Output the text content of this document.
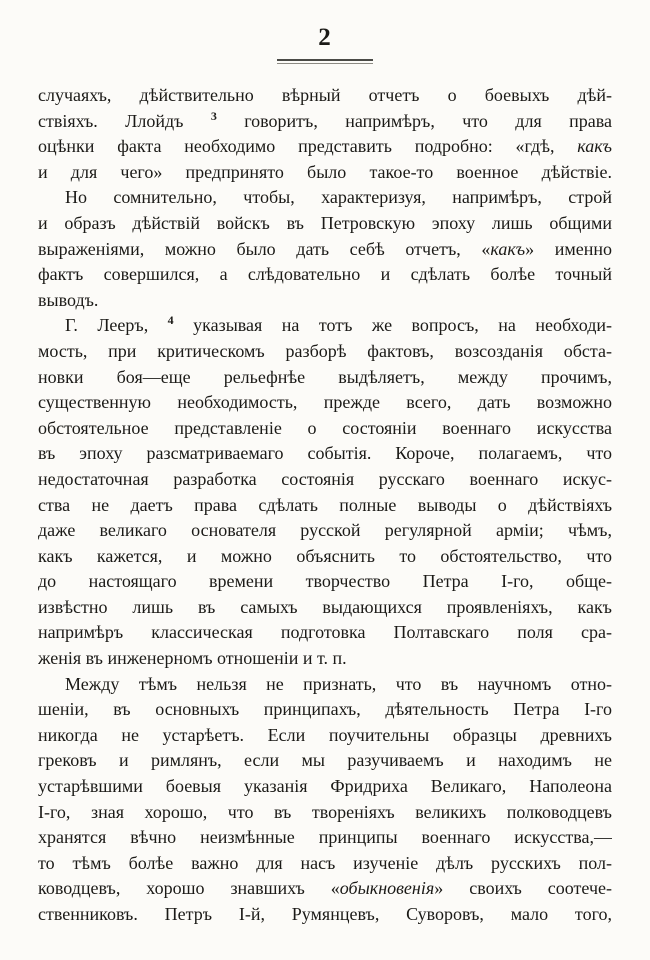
2
случаяхъ, дѣйствительно вѣрный отчетъ о боевыхъ дѣй-
ствіяхъ. Ллойдъ $^3$ говоритъ, напримѣръ, что для права
оцѣнки факта необходимо представить подробно: «гдѣ, какъ
и для чего» предпринято было такое-то военное дѣйствіе.
Но сомнительно, чтобы, характеризуя, напримѣръ, строй
и образъ дѣйствій войскъ въ Петровскую эпоху лишь общими
выраженіями, можно было дать себѣ отчетъ, «какъ» именно
фактъ совершился, а слѣдовательно и сдѣлать болѣе точный
выводъ.
Г. Лееръ, $^4$ указывая на тотъ же вопросъ, на необходи-
мость, при критическомъ разборѣ фактовъ, возсозданія обста-
новки боя—еще рельефнѣе выдѣляетъ, между прочимъ,
существенную необходимость, прежде всего, дать возможно
обстоятельное представленіе о состояніи военнаго искусства
въ эпоху разсматриваемаго событія. Короче, полагаемъ, что
недостаточная разработка состоянія русскаго военнаго искус-
ства не даетъ права сдѣлать полные выводы о дѣйствіяхъ
даже великаго основателя русской регулярной арміи; чѣмъ,
какъ кажется, и можно объяснить то обстоятельство, что
до настоящаго времени творчество Петра І-го, обще-
извѣстно лишь въ самыхъ выдающихся проявленіяхъ, какъ
напримѣръ классическая подготовка Полтавскаго поля сра-
женія въ инженерномъ отношеніи и т. п.
Между тѣмъ нельзя не признать, что въ научномъ отно-
шеніи, въ основныхъ принципахъ, дѣятельность Петра І-го
никогда не устарѣетъ. Если поучительны образцы древнихъ
грековъ и римлянъ, если мы разучиваемъ и находимъ не
устарѣвшими боевыя указанія Фридриха Великаго, Наполеона
І-го, зная хорошо, что въ твореніяхъ великихъ полководцевъ
хранятся вѣчно неизмѣнные принципы военнаго искусства,—
то тѣмъ болѣе важно для насъ изученіе дѣлъ русскихъ пол-
ководцевъ, хорошо знавшихъ «обыкновенія» своихъ соотече-
ственниковъ. Петръ І-й, Румянцевъ, Суворовъ, мало того,
